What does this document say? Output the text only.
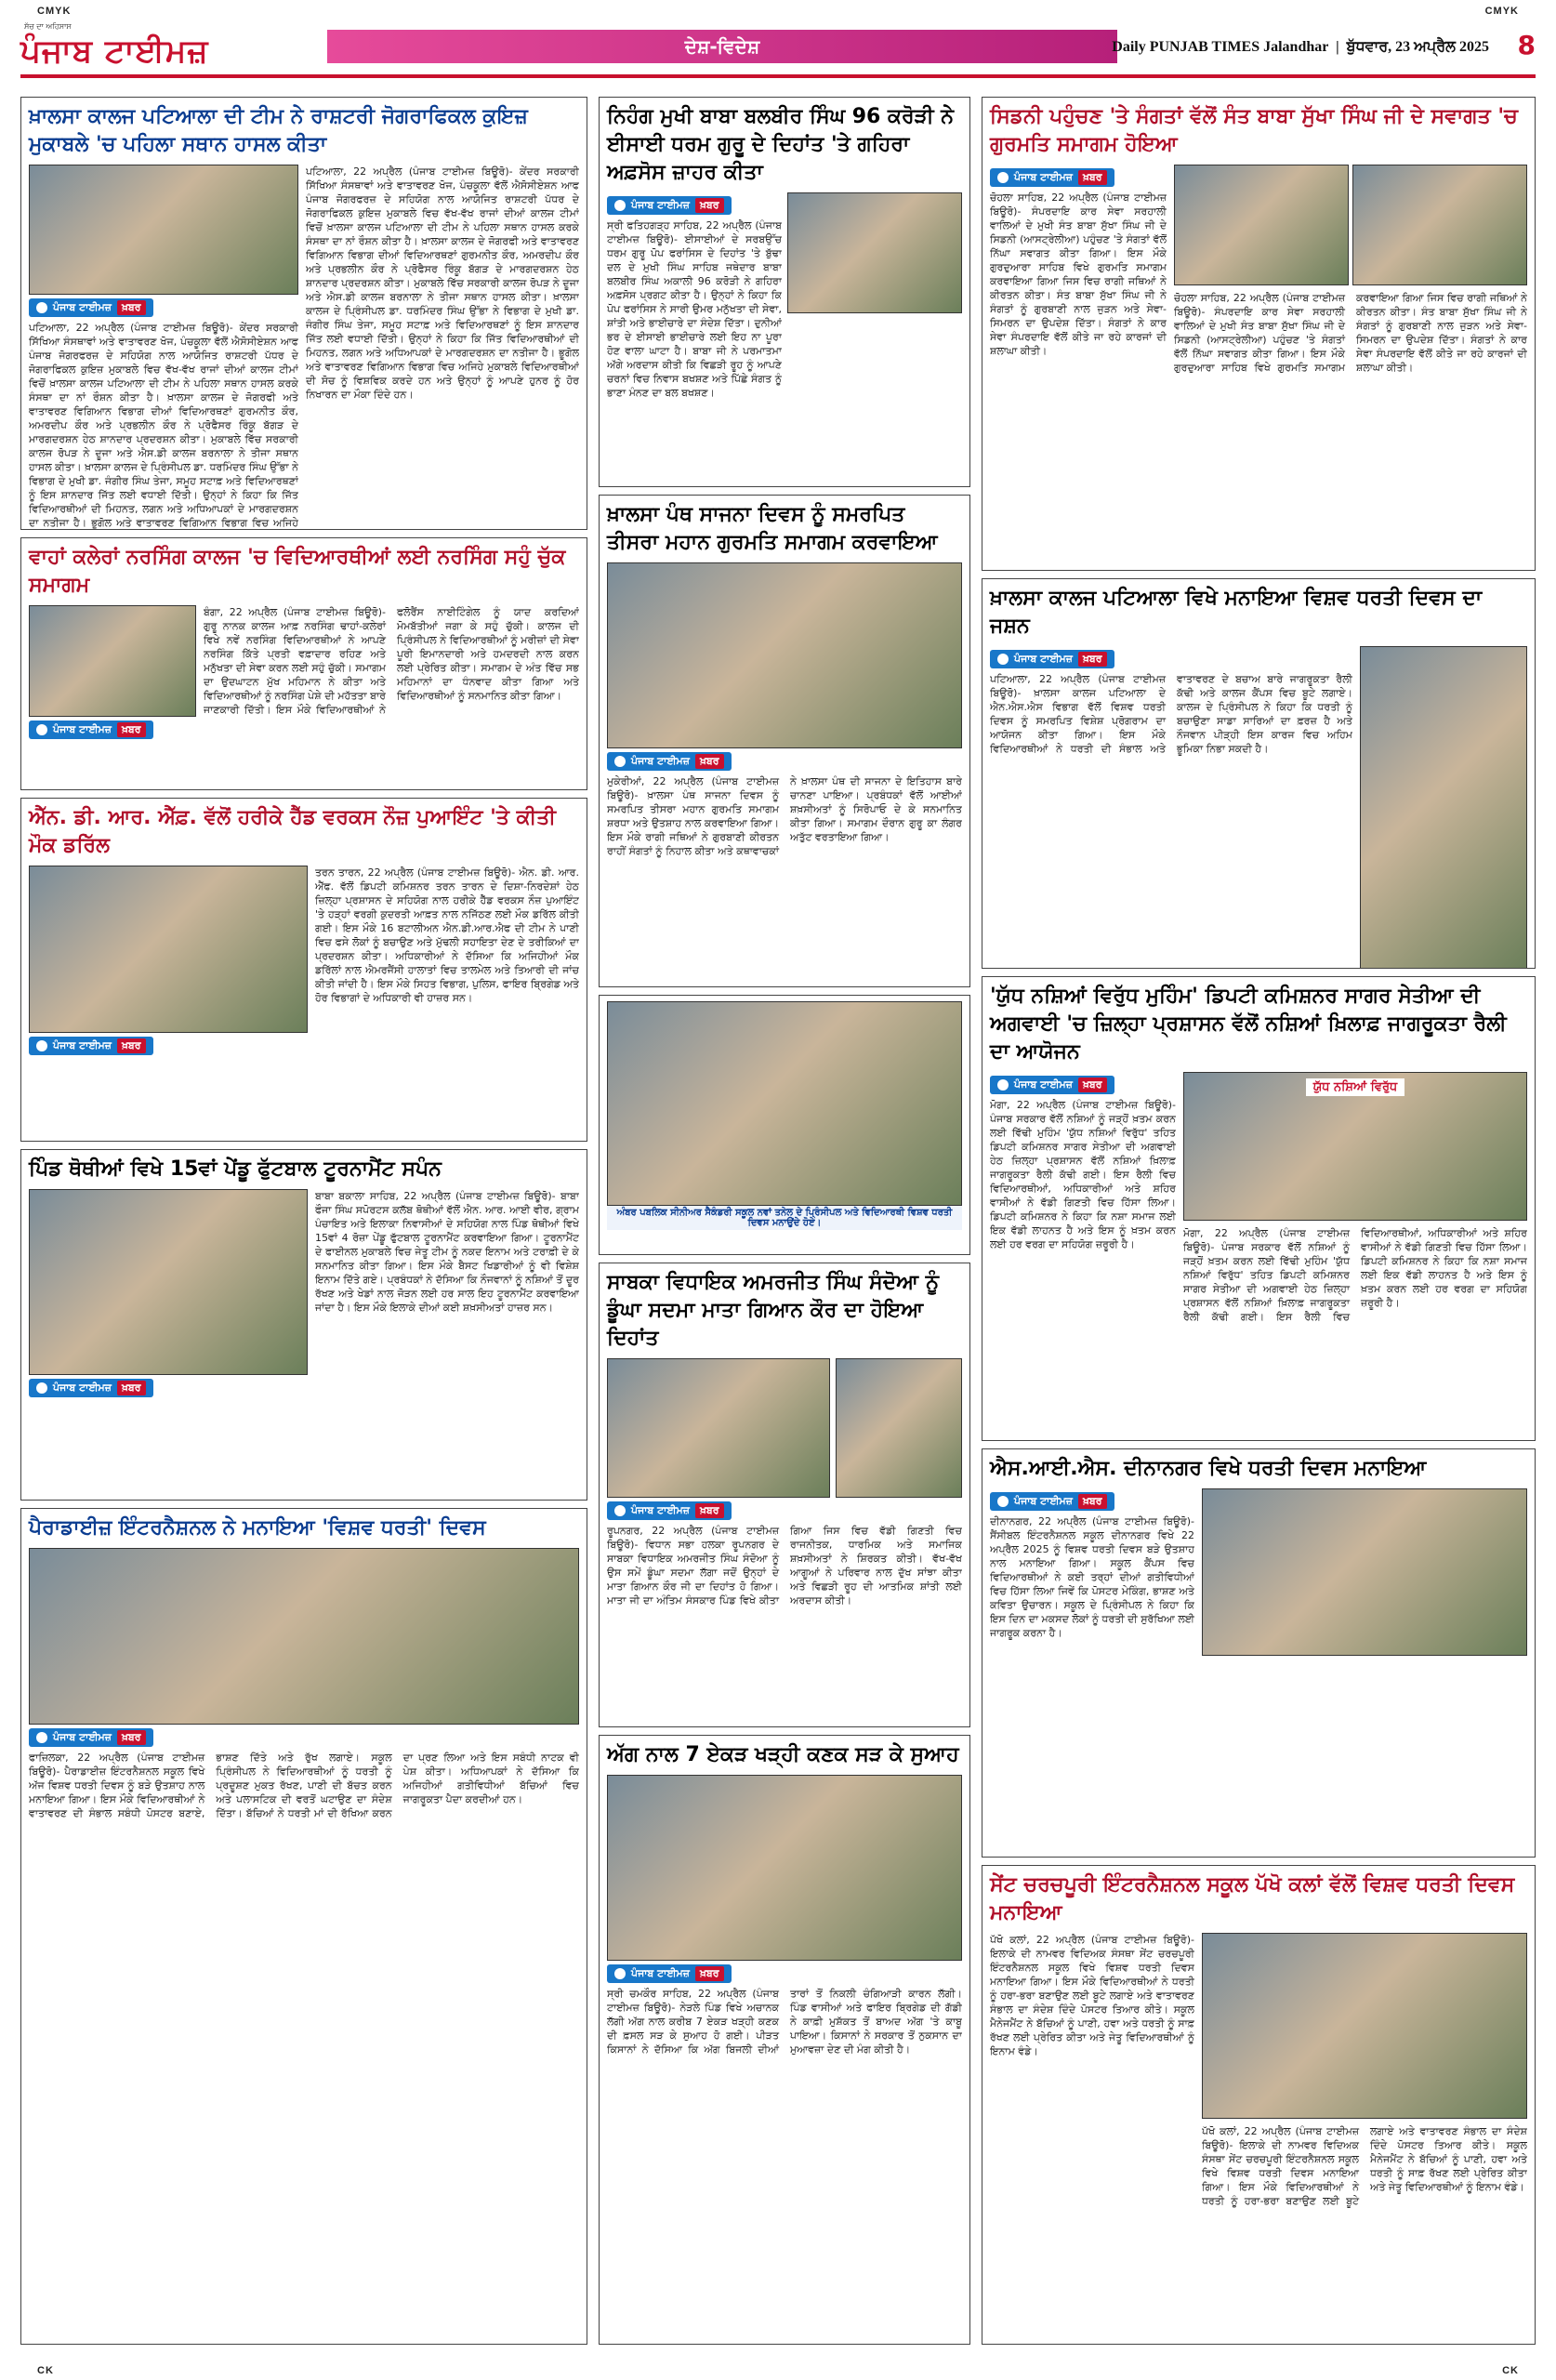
CMYK	CMYK
CK	CK
ਸੱਚ ਦਾ ਅਹਿਸਾਸ
ਪੰਜਾਬ ਟਾਈਮਜ਼	ਦੇਸ਼-ਵਿਦੇਸ਼	Daily PUNJAB TIMES Jalandhar  |  ਬੁੱਧਵਾਰ, 23 ਅਪ੍ਰੈਲ 2025 8
ਖ਼ਾਲਸਾ ਕਾਲਜ ਪਟਿਆਲਾ ਦੀ ਟੀਮ ਨੇ ਰਾਸ਼ਟਰੀ ਜੋਗਰਾਫਿਕਲ ਕੁਇਜ਼ ਮੁਕਾਬਲੇ 'ਚ ਪਹਿਲਾ ਸਥਾਨ ਹਾਸਲ ਕੀਤਾ
ਪੰਜਾਬ ਟਾਈਮਜ਼	ਖ਼ਬਰ
ਪਟਿਆਲਾ, 22 ਅਪ੍ਰੈਲ (ਪੰਜਾਬ ਟਾਈਮਜ਼ ਬਿਊਰੋ)- ਕੇਂਦਰ ਸਰਕਾਰੀ ਸਿੱਖਿਆ ਸੰਸਥਾਵਾਂ ਅਤੇ ਵਾਤਾਵਰਣ ਖੋਜ, ਪੰਚਕੂਲਾ ਵੱਲੋਂ ਐਸੋਸੀਏਸ਼ਨ ਆਫ ਪੰਜਾਬ ਜੋਗਰਫਰਜ਼ ਦੇ ਸਹਿਯੋਗ ਨਾਲ ਆਯੋਜਿਤ ਰਾਸ਼ਟਰੀ ਪੱਧਰ ਦੇ ਜੋਗਰਾਫਿਕਲ ਕੁਇਜ਼ ਮੁਕਾਬਲੇ ਵਿਚ ਵੱਖ-ਵੱਖ ਰਾਜਾਂ ਦੀਆਂ ਕਾਲਜ ਟੀਮਾਂ ਵਿਚੋਂ ਖ਼ਾਲਸਾ ਕਾਲਜ ਪਟਿਆਲਾ ਦੀ ਟੀਮ ਨੇ ਪਹਿਲਾ ਸਥਾਨ ਹਾਸਲ ਕਰਕੇ ਸੰਸਥਾ ਦਾ ਨਾਂ ਰੌਸ਼ਨ ਕੀਤਾ ਹੈ। ਖ਼ਾਲਸਾ ਕਾਲਜ ਦੇ ਜੋਗਰਫੀ ਅਤੇ ਵਾਤਾਵਰਣ ਵਿਗਿਆਨ ਵਿਭਾਗ ਦੀਆਂ ਵਿਦਿਆਰਥਣਾਂ ਗੁਰਮਨੀਤ ਕੌਰ, ਅਮਰਦੀਪ ਕੌਰ ਅਤੇ ਪ੍ਰਭਲੀਨ ਕੌਰ ਨੇ ਪ੍ਰੋਫੈਸਰ ਰਿੰਕੂ ਬੱਗੜ ਦੇ ਮਾਰਗਦਰਸ਼ਨ ਹੇਠ ਸ਼ਾਨਦਾਰ ਪ੍ਰਦਰਸ਼ਨ ਕੀਤਾ। ਮੁਕਾਬਲੇ ਵਿੱਚ ਸਰਕਾਰੀ ਕਾਲਜ ਰੋਪੜ ਨੇ ਦੂਜਾ ਅਤੇ ਐਸ.ਡੀ ਕਾਲਜ ਬਰਨਾਲਾ ਨੇ ਤੀਜਾ ਸਥਾਨ ਹਾਸਲ ਕੀਤਾ। ਖ਼ਾਲਸਾ ਕਾਲਜ ਦੇ ਪ੍ਰਿੰਸੀਪਲ ਡਾ. ਧਰਮਿੰਦਰ ਸਿੰਘ ਉੱਭਾ ਨੇ ਵਿਭਾਗ ਦੇ ਮੁਖੀ ਡਾ. ਜੰਗੀਰ ਸਿੰਘ ਤੇਜਾ, ਸਮੂਹ ਸਟਾਫ਼ ਅਤੇ ਵਿਦਿਆਰਥਣਾਂ ਨੂੰ ਇਸ ਸ਼ਾਨਦਾਰ ਜਿੱਤ ਲਈ ਵਧਾਈ ਦਿੱਤੀ। ਉਨ੍ਹਾਂ ਨੇ ਕਿਹਾ ਕਿ ਜਿੱਤ ਵਿਦਿਆਰਥੀਆਂ ਦੀ ਮਿਹਨਤ, ਲਗਨ ਅਤੇ ਅਧਿਆਪਕਾਂ ਦੇ ਮਾਰਗਦਰਸ਼ਨ ਦਾ ਨਤੀਜਾ ਹੈ। ਭੂਗੋਲ ਅਤੇ ਵਾਤਾਵਰਣ ਵਿਗਿਆਨ ਵਿਭਾਗ ਵਿਚ ਅਜਿਹੇ
ਪਟਿਆਲਾ, 22 ਅਪ੍ਰੈਲ (ਪੰਜਾਬ ਟਾਈਮਜ਼ ਬਿਊਰੋ)- ਕੇਂਦਰ ਸਰਕਾਰੀ ਸਿੱਖਿਆ ਸੰਸਥਾਵਾਂ ਅਤੇ ਵਾਤਾਵਰਣ ਖੋਜ, ਪੰਚਕੂਲਾ ਵੱਲੋਂ ਐਸੋਸੀਏਸ਼ਨ ਆਫ ਪੰਜਾਬ ਜੋਗਰਫਰਜ਼ ਦੇ ਸਹਿਯੋਗ ਨਾਲ ਆਯੋਜਿਤ ਰਾਸ਼ਟਰੀ ਪੱਧਰ ਦੇ ਜੋਗਰਾਫਿਕਲ ਕੁਇਜ਼ ਮੁਕਾਬਲੇ ਵਿਚ ਵੱਖ-ਵੱਖ ਰਾਜਾਂ ਦੀਆਂ ਕਾਲਜ ਟੀਮਾਂ ਵਿਚੋਂ ਖ਼ਾਲਸਾ ਕਾਲਜ ਪਟਿਆਲਾ ਦੀ ਟੀਮ ਨੇ ਪਹਿਲਾ ਸਥਾਨ ਹਾਸਲ ਕਰਕੇ ਸੰਸਥਾ ਦਾ ਨਾਂ ਰੌਸ਼ਨ ਕੀਤਾ ਹੈ। ਖ਼ਾਲਸਾ ਕਾਲਜ ਦੇ ਜੋਗਰਫੀ ਅਤੇ ਵਾਤਾਵਰਣ ਵਿਗਿਆਨ ਵਿਭਾਗ ਦੀਆਂ ਵਿਦਿਆਰਥਣਾਂ ਗੁਰਮਨੀਤ ਕੌਰ, ਅਮਰਦੀਪ ਕੌਰ ਅਤੇ ਪ੍ਰਭਲੀਨ ਕੌਰ ਨੇ ਪ੍ਰੋਫੈਸਰ ਰਿੰਕੂ ਬੱਗੜ ਦੇ ਮਾਰਗਦਰਸ਼ਨ ਹੇਠ ਸ਼ਾਨਦਾਰ ਪ੍ਰਦਰਸ਼ਨ ਕੀਤਾ। ਮੁਕਾਬਲੇ ਵਿੱਚ ਸਰਕਾਰੀ ਕਾਲਜ ਰੋਪੜ ਨੇ ਦੂਜਾ ਅਤੇ ਐਸ.ਡੀ ਕਾਲਜ ਬਰਨਾਲਾ ਨੇ ਤੀਜਾ ਸਥਾਨ ਹਾਸਲ ਕੀਤਾ। ਖ਼ਾਲਸਾ ਕਾਲਜ ਦੇ ਪ੍ਰਿੰਸੀਪਲ ਡਾ. ਧਰਮਿੰਦਰ ਸਿੰਘ ਉੱਭਾ ਨੇ ਵਿਭਾਗ ਦੇ ਮੁਖੀ ਡਾ. ਜੰਗੀਰ ਸਿੰਘ ਤੇਜਾ, ਸਮੂਹ ਸਟਾਫ਼ ਅਤੇ ਵਿਦਿਆਰਥਣਾਂ ਨੂੰ ਇਸ ਸ਼ਾਨਦਾਰ ਜਿੱਤ ਲਈ ਵਧਾਈ ਦਿੱਤੀ। ਉਨ੍ਹਾਂ ਨੇ ਕਿਹਾ ਕਿ ਜਿੱਤ ਵਿਦਿਆਰਥੀਆਂ ਦੀ ਮਿਹਨਤ, ਲਗਨ ਅਤੇ ਅਧਿਆਪਕਾਂ ਦੇ ਮਾਰਗਦਰਸ਼ਨ ਦਾ ਨਤੀਜਾ ਹੈ। ਭੂਗੋਲ ਅਤੇ ਵਾਤਾਵਰਣ ਵਿਗਿਆਨ ਵਿਭਾਗ ਵਿਚ ਅਜਿਹੇ ਮੁਕਾਬਲੇ ਵਿਦਿਆਰਥੀਆਂ ਦੀ ਸੋਚ ਨੂੰ ਵਿਸ਼ਵਿਕ ਕਰਦੇ ਹਨ ਅਤੇ ਉਨ੍ਹਾਂ ਨੂੰ ਆਪਣੇ ਹੁਨਰ ਨੂੰ ਹੋਰ ਨਿਖਾਰਨ ਦਾ ਮੌਕਾ ਦਿੰਦੇ ਹਨ।
ਵਾਹਾਂ ਕਲੇਰਾਂ ਨਰਸਿੰਗ ਕਾਲਜ 'ਚ ਵਿਦਿਆਰਥੀਆਂ ਲਈ ਨਰਸਿੰਗ ਸਹੁੰ ਚੁੱਕ ਸਮਾਗਮ
ਪੰਜਾਬ ਟਾਈਮਜ਼	ਖ਼ਬਰ
ਬੰਗਾ, 22 ਅਪ੍ਰੈਲ (ਪੰਜਾਬ ਟਾਈਮਜ਼ ਬਿਊਰੋ)- ਗੁਰੂ ਨਾਨਕ ਕਾਲਜ ਆਫ਼ ਨਰਸਿੰਗ ਢਾਹਾਂ-ਕਲੇਰਾਂ ਵਿਖੇ ਨਵੇਂ ਨਰਸਿੰਗ ਵਿਦਿਆਰਥੀਆਂ ਨੇ ਆਪਣੇ ਨਰਸਿੰਗ ਕਿੱਤੇ ਪ੍ਰਤੀ ਵਫ਼ਾਦਾਰ ਰਹਿਣ ਅਤੇ ਮਨੁੱਖਤਾ ਦੀ ਸੇਵਾ ਕਰਨ ਲਈ ਸਹੁੰ ਚੁੱਕੀ। ਸਮਾਗਮ ਦਾ ਉਦਘਾਟਨ ਮੁੱਖ ਮਹਿਮਾਨ ਨੇ ਕੀਤਾ ਅਤੇ ਵਿਦਿਆਰਥੀਆਂ ਨੂੰ ਨਰਸਿੰਗ ਪੇਸ਼ੇ ਦੀ ਮਹੱਤਤਾ ਬਾਰੇ ਜਾਣਕਾਰੀ ਦਿੱਤੀ। ਇਸ ਮੌਕੇ ਵਿਦਿਆਰਥੀਆਂ ਨੇ ਫਲੋਰੈਂਸ ਨਾਈਟਿੰਗੇਲ ਨੂੰ ਯਾਦ ਕਰਦਿਆਂ ਮੋਮਬੱਤੀਆਂ ਜਗਾ ਕੇ ਸਹੁੰ ਚੁੱਕੀ। ਕਾਲਜ ਦੀ ਪ੍ਰਿੰਸੀਪਲ ਨੇ ਵਿਦਿਆਰਥੀਆਂ ਨੂੰ ਮਰੀਜ਼ਾਂ ਦੀ ਸੇਵਾ ਪੂਰੀ ਇਮਾਨਦਾਰੀ ਅਤੇ ਹਮਦਰਦੀ ਨਾਲ ਕਰਨ ਲਈ ਪ੍ਰੇਰਿਤ ਕੀਤਾ। ਸਮਾਗਮ ਦੇ ਅੰਤ ਵਿੱਚ ਸਭ ਮਹਿਮਾਨਾਂ ਦਾ ਧੰਨਵਾਦ ਕੀਤਾ ਗਿਆ ਅਤੇ ਵਿਦਿਆਰਥੀਆਂ ਨੂੰ ਸਨਮਾਨਿਤ ਕੀਤਾ ਗਿਆ।
ਐੱਨ. ਡੀ. ਆਰ. ਐੱਫ਼. ਵੱਲੋਂ ਹਰੀਕੇ ਹੈੱਡ ਵਰਕਸ ਨੌਜ਼ ਪੁਆਇੰਟ 'ਤੇ ਕੀਤੀ ਮੌਕ ਡਰਿੱਲ
ਪੰਜਾਬ ਟਾਈਮਜ਼	ਖ਼ਬਰ
ਤਰਨ ਤਾਰਨ, 22 ਅਪ੍ਰੈਲ (ਪੰਜਾਬ ਟਾਈਮਜ਼ ਬਿਊਰੋ)- ਐਨ. ਡੀ. ਆਰ. ਐੱਫ. ਵੱਲੋਂ ਡਿਪਟੀ ਕਮਿਸ਼ਨਰ ਤਰਨ ਤਾਰਨ ਦੇ ਦਿਸ਼ਾ-ਨਿਰਦੇਸ਼ਾਂ ਹੇਠ ਜ਼ਿਲ੍ਹਾ ਪ੍ਰਸ਼ਾਸਨ ਦੇ ਸਹਿਯੋਗ ਨਾਲ ਹਰੀਕੇ ਹੈੱਡ ਵਰਕਸ ਨੌਜ਼ ਪੁਆਇੰਟ 'ਤੇ ਹੜ੍ਹਾਂ ਵਰਗੀ ਕੁਦਰਤੀ ਆਫ਼ਤ ਨਾਲ ਨਜਿੱਠਣ ਲਈ ਮੌਕ ਡਰਿੱਲ ਕੀਤੀ ਗਈ। ਇਸ ਮੌਕੇ 16 ਬਟਾਲੀਅਨ ਐਨ.ਡੀ.ਆਰ.ਐਫ ਦੀ ਟੀਮ ਨੇ ਪਾਣੀ ਵਿਚ ਫਸੇ ਲੋਕਾਂ ਨੂੰ ਬਚਾਉਣ ਅਤੇ ਮੁੱਢਲੀ ਸਹਾਇਤਾ ਦੇਣ ਦੇ ਤਰੀਕਿਆਂ ਦਾ ਪ੍ਰਦਰਸ਼ਨ ਕੀਤਾ। ਅਧਿਕਾਰੀਆਂ ਨੇ ਦੱਸਿਆ ਕਿ ਅਜਿਹੀਆਂ ਮੌਕ ਡਰਿੱਲਾਂ ਨਾਲ ਐਮਰਜੈਂਸੀ ਹਾਲਾਤਾਂ ਵਿਚ ਤਾਲਮੇਲ ਅਤੇ ਤਿਆਰੀ ਦੀ ਜਾਂਚ ਕੀਤੀ ਜਾਂਦੀ ਹੈ। ਇਸ ਮੌਕੇ ਸਿਹਤ ਵਿਭਾਗ, ਪੁਲਿਸ, ਫਾਇਰ ਬ੍ਰਿਗੇਡ ਅਤੇ ਹੋਰ ਵਿਭਾਗਾਂ ਦੇ ਅਧਿਕਾਰੀ ਵੀ ਹਾਜ਼ਰ ਸਨ।
ਪਿੰਡ ਥੋਥੀਆਂ ਵਿਖੇ 15ਵਾਂ ਪੇਂਡੂ ਫੁੱਟਬਾਲ ਟੂਰਨਾਮੈਂਟ ਸਪੰਨ
ਪੰਜਾਬ ਟਾਈਮਜ਼	ਖ਼ਬਰ
ਬਾਬਾ ਬਕਾਲਾ ਸਾਹਿਬ, 22 ਅਪ੍ਰੈਲ (ਪੰਜਾਬ ਟਾਈਮਜ਼ ਬਿਊਰੋ)- ਬਾਬਾ ਫੌਜਾ ਸਿੰਘ ਸਪੋਰਟਸ ਕਲੱਬ ਥੋਥੀਆਂ ਵੱਲੋਂ ਐਨ. ਆਰ. ਆਈ ਵੀਰ, ਗ੍ਰਾਮ ਪੰਚਾਇਤ ਅਤੇ ਇਲਾਕਾ ਨਿਵਾਸੀਆਂ ਦੇ ਸਹਿਯੋਗ ਨਾਲ ਪਿੰਡ ਥੋਥੀਆਂ ਵਿਖੇ 15ਵਾਂ 4 ਰੋਜ਼ਾ ਪੇਂਡੂ ਫੁੱਟਬਾਲ ਟੂਰਨਾਮੈਂਟ ਕਰਵਾਇਆ ਗਿਆ। ਟੂਰਨਾਮੈਂਟ ਦੇ ਫਾਈਨਲ ਮੁਕਾਬਲੇ ਵਿਚ ਜੇਤੂ ਟੀਮ ਨੂੰ ਨਕਦ ਇਨਾਮ ਅਤੇ ਟਰਾਫ਼ੀ ਦੇ ਕੇ ਸਨਮਾਨਿਤ ਕੀਤਾ ਗਿਆ। ਇਸ ਮੌਕੇ ਬੈਸਟ ਖਿਡਾਰੀਆਂ ਨੂੰ ਵੀ ਵਿਸ਼ੇਸ਼ ਇਨਾਮ ਦਿੱਤੇ ਗਏ। ਪ੍ਰਬੰਧਕਾਂ ਨੇ ਦੱਸਿਆ ਕਿ ਨੌਜਵਾਨਾਂ ਨੂੰ ਨਸ਼ਿਆਂ ਤੋਂ ਦੂਰ ਰੱਖਣ ਅਤੇ ਖੇਡਾਂ ਨਾਲ ਜੋੜਨ ਲਈ ਹਰ ਸਾਲ ਇਹ ਟੂਰਨਾਮੈਂਟ ਕਰਵਾਇਆ ਜਾਂਦਾ ਹੈ। ਇਸ ਮੌਕੇ ਇਲਾਕੇ ਦੀਆਂ ਕਈ ਸ਼ਖ਼ਸੀਅਤਾਂ ਹਾਜ਼ਰ ਸਨ।
ਪੈਰਾਡਾਈਜ਼ ਇੰਟਰਨੈਸ਼ਨਲ ਨੇ ਮਨਾਇਆ 'ਵਿਸ਼ਵ ਧਰਤੀ' ਦਿਵਸ
ਪੰਜਾਬ ਟਾਈਮਜ਼	ਖ਼ਬਰ
ਫਾਜ਼ਿਲਕਾ, 22 ਅਪ੍ਰੈਲ (ਪੰਜਾਬ ਟਾਈਮਜ਼ ਬਿਊਰੋ)- ਪੈਰਾਡਾਈਜ਼ ਇੰਟਰਨੈਸ਼ਨਲ ਸਕੂਲ ਵਿਖੇ ਅੱਜ ਵਿਸ਼ਵ ਧਰਤੀ ਦਿਵਸ ਨੂੰ ਬੜੇ ਉਤਸ਼ਾਹ ਨਾਲ ਮਨਾਇਆ ਗਿਆ। ਇਸ ਮੌਕੇ ਵਿਦਿਆਰਥੀਆਂ ਨੇ ਵਾਤਾਵਰਣ ਦੀ ਸੰਭਾਲ ਸਬੰਧੀ ਪੋਸਟਰ ਬਣਾਏ, ਭਾਸ਼ਣ ਦਿੱਤੇ ਅਤੇ ਰੁੱਖ ਲਗਾਏ। ਸਕੂਲ ਪ੍ਰਿੰਸੀਪਲ ਨੇ ਵਿਦਿਆਰਥੀਆਂ ਨੂੰ ਧਰਤੀ ਨੂੰ ਪ੍ਰਦੂਸ਼ਣ ਮੁਕਤ ਰੱਖਣ, ਪਾਣੀ ਦੀ ਬੱਚਤ ਕਰਨ ਅਤੇ ਪਲਾਸਟਿਕ ਦੀ ਵਰਤੋਂ ਘਟਾਉਣ ਦਾ ਸੰਦੇਸ਼ ਦਿੱਤਾ। ਬੱਚਿਆਂ ਨੇ ਧਰਤੀ ਮਾਂ ਦੀ ਰੱਖਿਆ ਕਰਨ ਦਾ ਪ੍ਰਣ ਲਿਆ ਅਤੇ ਇਸ ਸਬੰਧੀ ਨਾਟਕ ਵੀ ਪੇਸ਼ ਕੀਤਾ। ਅਧਿਆਪਕਾਂ ਨੇ ਦੱਸਿਆ ਕਿ ਅਜਿਹੀਆਂ ਗਤੀਵਿਧੀਆਂ ਬੱਚਿਆਂ ਵਿਚ ਜਾਗਰੂਕਤਾ ਪੈਦਾ ਕਰਦੀਆਂ ਹਨ।
ਨਿਹੰਗ ਮੁਖੀ ਬਾਬਾ ਬਲਬੀਰ ਸਿੰਘ 96 ਕਰੋੜੀ ਨੇ ਈਸਾਈ ਧਰਮ ਗੁਰੂ ਦੇ ਦਿਹਾਂਤ 'ਤੇ ਗਹਿਰਾ ਅਫ਼ਸੋਸ ਜ਼ਾਹਰ ਕੀਤਾ
ਪੰਜਾਬ ਟਾਈਮਜ਼	ਖ਼ਬਰ
ਸ੍ਰੀ ਫਤਿਹਗੜ੍ਹ ਸਾਹਿਬ, 22 ਅਪ੍ਰੈਲ (ਪੰਜਾਬ ਟਾਈਮਜ਼ ਬਿਊਰੋ)- ਈਸਾਈਆਂ ਦੇ ਸਰਬਉੱਚ ਧਰਮ ਗੁਰੂ ਪੋਪ ਫਰਾਂਸਿਸ ਦੇ ਦਿਹਾਂਤ 'ਤੇ ਬੁੱਢਾ ਦਲ ਦੇ ਮੁਖੀ ਸਿੰਘ ਸਾਹਿਬ ਜਥੇਦਾਰ ਬਾਬਾ ਬਲਬੀਰ ਸਿੰਘ ਅਕਾਲੀ 96 ਕਰੋੜੀ ਨੇ ਗਹਿਰਾ ਅਫ਼ਸੋਸ ਪ੍ਰਗਟ ਕੀਤਾ ਹੈ। ਉਨ੍ਹਾਂ ਨੇ ਕਿਹਾ ਕਿ ਪੋਪ ਫਰਾਂਸਿਸ ਨੇ ਸਾਰੀ ਉਮਰ ਮਨੁੱਖਤਾ ਦੀ ਸੇਵਾ, ਸ਼ਾਂਤੀ ਅਤੇ ਭਾਈਚਾਰੇ ਦਾ ਸੰਦੇਸ਼ ਦਿੱਤਾ। ਦੁਨੀਆਂ ਭਰ ਦੇ ਈਸਾਈ ਭਾਈਚਾਰੇ ਲਈ ਇਹ ਨਾ ਪੂਰਾ ਹੋਣ ਵਾਲਾ ਘਾਟਾ ਹੈ। ਬਾਬਾ ਜੀ ਨੇ ਪਰਮਾਤਮਾ ਅੱਗੇ ਅਰਦਾਸ ਕੀਤੀ ਕਿ ਵਿਛੜੀ ਰੂਹ ਨੂੰ ਆਪਣੇ ਚਰਨਾਂ ਵਿਚ ਨਿਵਾਸ ਬਖਸ਼ਣ ਅਤੇ ਪਿੱਛੇ ਸੰਗਤ ਨੂੰ ਭਾਣਾ ਮੰਨਣ ਦਾ ਬਲ ਬਖਸ਼ਣ।
ਖ਼ਾਲਸਾ ਪੰਥ ਸਾਜਨਾ ਦਿਵਸ ਨੂੰ ਸਮਰਪਿਤ ਤੀਸਰਾ ਮਹਾਨ ਗੁਰਮਤਿ ਸਮਾਗਮ ਕਰਵਾਇਆ
ਪੰਜਾਬ ਟਾਈਮਜ਼	ਖ਼ਬਰ
ਮੁਕੇਰੀਆਂ, 22 ਅਪ੍ਰੈਲ (ਪੰਜਾਬ ਟਾਈਮਜ਼ ਬਿਊਰੋ)- ਖ਼ਾਲਸਾ ਪੰਥ ਸਾਜਨਾ ਦਿਵਸ ਨੂੰ ਸਮਰਪਿਤ ਤੀਸਰਾ ਮਹਾਨ ਗੁਰਮਤਿ ਸਮਾਗਮ ਸ਼ਰਧਾ ਅਤੇ ਉਤਸ਼ਾਹ ਨਾਲ ਕਰਵਾਇਆ ਗਿਆ। ਇਸ ਮੌਕੇ ਰਾਗੀ ਜਥਿਆਂ ਨੇ ਗੁਰਬਾਣੀ ਕੀਰਤਨ ਰਾਹੀਂ ਸੰਗਤਾਂ ਨੂੰ ਨਿਹਾਲ ਕੀਤਾ ਅਤੇ ਕਥਾਵਾਚਕਾਂ ਨੇ ਖ਼ਾਲਸਾ ਪੰਥ ਦੀ ਸਾਜਨਾ ਦੇ ਇਤਿਹਾਸ ਬਾਰੇ ਚਾਨਣਾ ਪਾਇਆ। ਪ੍ਰਬੰਧਕਾਂ ਵੱਲੋਂ ਆਈਆਂ ਸ਼ਖ਼ਸੀਅਤਾਂ ਨੂੰ ਸਿਰੋਪਾਓ ਦੇ ਕੇ ਸਨਮਾਨਿਤ ਕੀਤਾ ਗਿਆ। ਸਮਾਗਮ ਦੌਰਾਨ ਗੁਰੂ ਕਾ ਲੰਗਰ ਅਤੁੱਟ ਵਰਤਾਇਆ ਗਿਆ।
ਅੰਬਰ ਪਬਲਿਕ ਸੀਨੀਅਰ ਸੈਕੰਡਰੀ ਸਕੂਲ ਨਵਾਂ ਤਨੇਲ ਦੇ ਪ੍ਰਿੰਸੀਪਲ ਅਤੇ ਵਿਦਿਆਰਥੀ ਵਿਸ਼ਵ ਧਰਤੀ ਦਿਵਸ ਮਨਾਉਂਦੇ ਹੋਏ।
ਸਾਬਕਾ ਵਿਧਾਇਕ ਅਮਰਜੀਤ ਸਿੰਘ ਸੰਦੋਆ ਨੂੰ ਡੂੰਘਾ ਸਦਮਾ ਮਾਤਾ ਗਿਆਨ ਕੌਰ ਦਾ ਹੋਇਆ ਦਿਹਾਂਤ
ਪੰਜਾਬ ਟਾਈਮਜ਼	ਖ਼ਬਰ
ਰੂਪਨਗਰ, 22 ਅਪ੍ਰੈਲ (ਪੰਜਾਬ ਟਾਈਮਜ਼ ਬਿਊਰੋ)- ਵਿਧਾਨ ਸਭਾ ਹਲਕਾ ਰੂਪਨਗਰ ਦੇ ਸਾਬਕਾ ਵਿਧਾਇਕ ਅਮਰਜੀਤ ਸਿੰਘ ਸੰਦੋਆ ਨੂੰ ਉਸ ਸਮੇਂ ਡੂੰਘਾ ਸਦਮਾ ਲੱਗਾ ਜਦੋਂ ਉਨ੍ਹਾਂ ਦੇ ਮਾਤਾ ਗਿਆਨ ਕੌਰ ਜੀ ਦਾ ਦਿਹਾਂਤ ਹੋ ਗਿਆ। ਮਾਤਾ ਜੀ ਦਾ ਅੰਤਿਮ ਸੰਸਕਾਰ ਪਿੰਡ ਵਿਖੇ ਕੀਤਾ ਗਿਆ ਜਿਸ ਵਿਚ ਵੱਡੀ ਗਿਣਤੀ ਵਿਚ ਰਾਜਨੀਤਕ, ਧਾਰਮਿਕ ਅਤੇ ਸਮਾਜਿਕ ਸ਼ਖ਼ਸੀਅਤਾਂ ਨੇ ਸ਼ਿਰਕਤ ਕੀਤੀ। ਵੱਖ-ਵੱਖ ਆਗੂਆਂ ਨੇ ਪਰਿਵਾਰ ਨਾਲ ਦੁੱਖ ਸਾਂਝਾ ਕੀਤਾ ਅਤੇ ਵਿਛੜੀ ਰੂਹ ਦੀ ਆਤਮਿਕ ਸ਼ਾਂਤੀ ਲਈ ਅਰਦਾਸ ਕੀਤੀ।
ਅੱਗ ਨਾਲ 7 ਏਕੜ ਖੜ੍ਹੀ ਕਣਕ ਸੜ ਕੇ ਸੁਆਹ
ਪੰਜਾਬ ਟਾਈਮਜ਼	ਖ਼ਬਰ
ਸ੍ਰੀ ਚਮਕੌਰ ਸਾਹਿਬ, 22 ਅਪ੍ਰੈਲ (ਪੰਜਾਬ ਟਾਈਮਜ਼ ਬਿਊਰੋ)- ਨੇੜਲੇ ਪਿੰਡ ਵਿਖੇ ਅਚਾਨਕ ਲੱਗੀ ਅੱਗ ਨਾਲ ਕਰੀਬ 7 ਏਕੜ ਖੜ੍ਹੀ ਕਣਕ ਦੀ ਫ਼ਸਲ ਸੜ ਕੇ ਸੁਆਹ ਹੋ ਗਈ। ਪੀੜਤ ਕਿਸਾਨਾਂ ਨੇ ਦੱਸਿਆ ਕਿ ਅੱਗ ਬਿਜਲੀ ਦੀਆਂ ਤਾਰਾਂ ਤੋਂ ਨਿਕਲੀ ਚੰਗਿਆੜੀ ਕਾਰਨ ਲੱਗੀ। ਪਿੰਡ ਵਾਸੀਆਂ ਅਤੇ ਫਾਇਰ ਬ੍ਰਿਗੇਡ ਦੀ ਗੱਡੀ ਨੇ ਕਾਫ਼ੀ ਮੁਸ਼ੱਕਤ ਤੋਂ ਬਾਅਦ ਅੱਗ 'ਤੇ ਕਾਬੂ ਪਾਇਆ। ਕਿਸਾਨਾਂ ਨੇ ਸਰਕਾਰ ਤੋਂ ਨੁਕਸਾਨ ਦਾ ਮੁਆਵਜ਼ਾ ਦੇਣ ਦੀ ਮੰਗ ਕੀਤੀ ਹੈ।
ਸਿਡਨੀ ਪਹੁੰਚਣ 'ਤੇ ਸੰਗਤਾਂ ਵੱਲੋਂ ਸੰਤ ਬਾਬਾ ਸੁੱਖਾ ਸਿੰਘ ਜੀ ਦੇ ਸਵਾਗਤ 'ਚ ਗੁਰਮਤਿ ਸਮਾਗਮ ਹੋਇਆ
ਪੰਜਾਬ ਟਾਈਮਜ਼	ਖ਼ਬਰ
ਚੋਹਲਾ ਸਾਹਿਬ, 22 ਅਪ੍ਰੈਲ (ਪੰਜਾਬ ਟਾਈਮਜ਼ ਬਿਊਰੋ)- ਸੰਪਰਦਾਇ ਕਾਰ ਸੇਵਾ ਸਰਹਾਲੀ ਵਾਲਿਆਂ ਦੇ ਮੁਖੀ ਸੰਤ ਬਾਬਾ ਸੁੱਖਾ ਸਿੰਘ ਜੀ ਦੇ ਸਿਡਨੀ (ਆਸਟ੍ਰੇਲੀਆ) ਪਹੁੰਚਣ 'ਤੇ ਸੰਗਤਾਂ ਵੱਲੋਂ ਨਿੱਘਾ ਸਵਾਗਤ ਕੀਤਾ ਗਿਆ। ਇਸ ਮੌਕੇ ਗੁਰਦੁਆਰਾ ਸਾਹਿਬ ਵਿਖੇ ਗੁਰਮਤਿ ਸਮਾਗਮ ਕਰਵਾਇਆ ਗਿਆ ਜਿਸ ਵਿਚ ਰਾਗੀ ਜਥਿਆਂ ਨੇ ਕੀਰਤਨ ਕੀਤਾ। ਸੰਤ ਬਾਬਾ ਸੁੱਖਾ ਸਿੰਘ ਜੀ ਨੇ ਸੰਗਤਾਂ ਨੂੰ ਗੁਰਬਾਣੀ ਨਾਲ ਜੁੜਨ ਅਤੇ ਸੇਵਾ-ਸਿਮਰਨ ਦਾ ਉਪਦੇਸ਼ ਦਿੱਤਾ। ਸੰਗਤਾਂ ਨੇ ਕਾਰ ਸੇਵਾ ਸੰਪਰਦਾਇ ਵੱਲੋਂ ਕੀਤੇ ਜਾ ਰਹੇ ਕਾਰਜਾਂ ਦੀ ਸ਼ਲਾਘਾ ਕੀਤੀ।
ਚੋਹਲਾ ਸਾਹਿਬ, 22 ਅਪ੍ਰੈਲ (ਪੰਜਾਬ ਟਾਈਮਜ਼ ਬਿਊਰੋ)- ਸੰਪਰਦਾਇ ਕਾਰ ਸੇਵਾ ਸਰਹਾਲੀ ਵਾਲਿਆਂ ਦੇ ਮੁਖੀ ਸੰਤ ਬਾਬਾ ਸੁੱਖਾ ਸਿੰਘ ਜੀ ਦੇ ਸਿਡਨੀ (ਆਸਟ੍ਰੇਲੀਆ) ਪਹੁੰਚਣ 'ਤੇ ਸੰਗਤਾਂ ਵੱਲੋਂ ਨਿੱਘਾ ਸਵਾਗਤ ਕੀਤਾ ਗਿਆ। ਇਸ ਮੌਕੇ ਗੁਰਦੁਆਰਾ ਸਾਹਿਬ ਵਿਖੇ ਗੁਰਮਤਿ ਸਮਾਗਮ ਕਰਵਾਇਆ ਗਿਆ ਜਿਸ ਵਿਚ ਰਾਗੀ ਜਥਿਆਂ ਨੇ ਕੀਰਤਨ ਕੀਤਾ। ਸੰਤ ਬਾਬਾ ਸੁੱਖਾ ਸਿੰਘ ਜੀ ਨੇ ਸੰਗਤਾਂ ਨੂੰ ਗੁਰਬਾਣੀ ਨਾਲ ਜੁੜਨ ਅਤੇ ਸੇਵਾ-ਸਿਮਰਨ ਦਾ ਉਪਦੇਸ਼ ਦਿੱਤਾ। ਸੰਗਤਾਂ ਨੇ ਕਾਰ ਸੇਵਾ ਸੰਪਰਦਾਇ ਵੱਲੋਂ ਕੀਤੇ ਜਾ ਰਹੇ ਕਾਰਜਾਂ ਦੀ ਸ਼ਲਾਘਾ ਕੀਤੀ।
ਖ਼ਾਲਸਾ ਕਾਲਜ ਪਟਿਆਲਾ ਵਿਖੇ ਮਨਾਇਆ ਵਿਸ਼ਵ ਧਰਤੀ ਦਿਵਸ ਦਾ ਜਸ਼ਨ
ਪੰਜਾਬ ਟਾਈਮਜ਼	ਖ਼ਬਰ
ਪਟਿਆਲਾ, 22 ਅਪ੍ਰੈਲ (ਪੰਜਾਬ ਟਾਈਮਜ਼ ਬਿਊਰੋ)- ਖ਼ਾਲਸਾ ਕਾਲਜ ਪਟਿਆਲਾ ਦੇ ਐਨ.ਐਸ.ਐਸ ਵਿਭਾਗ ਵੱਲੋਂ ਵਿਸ਼ਵ ਧਰਤੀ ਦਿਵਸ ਨੂੰ ਸਮਰਪਿਤ ਵਿਸ਼ੇਸ਼ ਪ੍ਰੋਗਰਾਮ ਦਾ ਆਯੋਜਨ ਕੀਤਾ ਗਿਆ। ਇਸ ਮੌਕੇ ਵਿਦਿਆਰਥੀਆਂ ਨੇ ਧਰਤੀ ਦੀ ਸੰਭਾਲ ਅਤੇ ਵਾਤਾਵਰਣ ਦੇ ਬਚਾਅ ਬਾਰੇ ਜਾਗਰੂਕਤਾ ਰੈਲੀ ਕੱਢੀ ਅਤੇ ਕਾਲਜ ਕੈਂਪਸ ਵਿਚ ਬੂਟੇ ਲਗਾਏ। ਕਾਲਜ ਦੇ ਪ੍ਰਿੰਸੀਪਲ ਨੇ ਕਿਹਾ ਕਿ ਧਰਤੀ ਨੂੰ ਬਚਾਉਣਾ ਸਾਡਾ ਸਾਰਿਆਂ ਦਾ ਫ਼ਰਜ਼ ਹੈ ਅਤੇ ਨੌਜਵਾਨ ਪੀੜ੍ਹੀ ਇਸ ਕਾਰਜ ਵਿਚ ਅਹਿਮ ਭੂਮਿਕਾ ਨਿਭਾ ਸਕਦੀ ਹੈ।
'ਯੁੱਧ ਨਸ਼ਿਆਂ ਵਿਰੁੱਧ ਮੁਹਿੰਮ' ਡਿਪਟੀ ਕਮਿਸ਼ਨਰ ਸਾਗਰ ਸੇਤੀਆ ਦੀ ਅਗਵਾਈ 'ਚ ਜ਼ਿਲ੍ਹਾ ਪ੍ਰਸ਼ਾਸਨ ਵੱਲੋਂ ਨਸ਼ਿਆਂ ਖ਼ਿਲਾਫ਼ ਜਾਗਰੂਕਤਾ ਰੈਲੀ ਦਾ ਆਯੋਜਨ
ਪੰਜਾਬ ਟਾਈਮਜ਼	ਖ਼ਬਰ
ਮੋਗਾ, 22 ਅਪ੍ਰੈਲ (ਪੰਜਾਬ ਟਾਈਮਜ਼ ਬਿਊਰੋ)- ਪੰਜਾਬ ਸਰਕਾਰ ਵੱਲੋਂ ਨਸ਼ਿਆਂ ਨੂੰ ਜੜ੍ਹੋਂ ਖ਼ਤਮ ਕਰਨ ਲਈ ਵਿੱਢੀ ਮੁਹਿੰਮ 'ਯੁੱਧ ਨਸ਼ਿਆਂ ਵਿਰੁੱਧ' ਤਹਿਤ ਡਿਪਟੀ ਕਮਿਸ਼ਨਰ ਸਾਗਰ ਸੇਤੀਆ ਦੀ ਅਗਵਾਈ ਹੇਠ ਜ਼ਿਲ੍ਹਾ ਪ੍ਰਸ਼ਾਸਨ ਵੱਲੋਂ ਨਸ਼ਿਆਂ ਖ਼ਿਲਾਫ਼ ਜਾਗਰੂਕਤਾ ਰੈਲੀ ਕੱਢੀ ਗਈ। ਇਸ ਰੈਲੀ ਵਿਚ ਵਿਦਿਆਰਥੀਆਂ, ਅਧਿਕਾਰੀਆਂ ਅਤੇ ਸ਼ਹਿਰ ਵਾਸੀਆਂ ਨੇ ਵੱਡੀ ਗਿਣਤੀ ਵਿਚ ਹਿੱਸਾ ਲਿਆ। ਡਿਪਟੀ ਕਮਿਸ਼ਨਰ ਨੇ ਕਿਹਾ ਕਿ ਨਸ਼ਾ ਸਮਾਜ ਲਈ ਇਕ ਵੱਡੀ ਲਾਹਨਤ ਹੈ ਅਤੇ ਇਸ ਨੂੰ ਖ਼ਤਮ ਕਰਨ ਲਈ ਹਰ ਵਰਗ ਦਾ ਸਹਿਯੋਗ ਜ਼ਰੂਰੀ ਹੈ।
ਯੁੱਧ ਨਸ਼ਿਆਂ ਵਿਰੁੱਧ
ਮੋਗਾ, 22 ਅਪ੍ਰੈਲ (ਪੰਜਾਬ ਟਾਈਮਜ਼ ਬਿਊਰੋ)- ਪੰਜਾਬ ਸਰਕਾਰ ਵੱਲੋਂ ਨਸ਼ਿਆਂ ਨੂੰ ਜੜ੍ਹੋਂ ਖ਼ਤਮ ਕਰਨ ਲਈ ਵਿੱਢੀ ਮੁਹਿੰਮ 'ਯੁੱਧ ਨਸ਼ਿਆਂ ਵਿਰੁੱਧ' ਤਹਿਤ ਡਿਪਟੀ ਕਮਿਸ਼ਨਰ ਸਾਗਰ ਸੇਤੀਆ ਦੀ ਅਗਵਾਈ ਹੇਠ ਜ਼ਿਲ੍ਹਾ ਪ੍ਰਸ਼ਾਸਨ ਵੱਲੋਂ ਨਸ਼ਿਆਂ ਖ਼ਿਲਾਫ਼ ਜਾਗਰੂਕਤਾ ਰੈਲੀ ਕੱਢੀ ਗਈ। ਇਸ ਰੈਲੀ ਵਿਚ ਵਿਦਿਆਰਥੀਆਂ, ਅਧਿਕਾਰੀਆਂ ਅਤੇ ਸ਼ਹਿਰ ਵਾਸੀਆਂ ਨੇ ਵੱਡੀ ਗਿਣਤੀ ਵਿਚ ਹਿੱਸਾ ਲਿਆ। ਡਿਪਟੀ ਕਮਿਸ਼ਨਰ ਨੇ ਕਿਹਾ ਕਿ ਨਸ਼ਾ ਸਮਾਜ ਲਈ ਇਕ ਵੱਡੀ ਲਾਹਨਤ ਹੈ ਅਤੇ ਇਸ ਨੂੰ ਖ਼ਤਮ ਕਰਨ ਲਈ ਹਰ ਵਰਗ ਦਾ ਸਹਿਯੋਗ ਜ਼ਰੂਰੀ ਹੈ।
ਐਸ.ਆਈ.ਐਸ. ਦੀਨਾਨਗਰ ਵਿਖੇ ਧਰਤੀ ਦਿਵਸ ਮਨਾਇਆ
ਪੰਜਾਬ ਟਾਈਮਜ਼	ਖ਼ਬਰ
ਦੀਨਾਨਗਰ, 22 ਅਪ੍ਰੈਲ (ਪੰਜਾਬ ਟਾਈਮਜ਼ ਬਿਊਰੋ)- ਸੈਂਸੀਬਲ ਇੰਟਰਨੈਸ਼ਨਲ ਸਕੂਲ ਦੀਨਾਨਗਰ ਵਿਖੇ 22 ਅਪ੍ਰੈਲ 2025 ਨੂੰ ਵਿਸ਼ਵ ਧਰਤੀ ਦਿਵਸ ਬੜੇ ਉਤਸ਼ਾਹ ਨਾਲ ਮਨਾਇਆ ਗਿਆ। ਸਕੂਲ ਕੈਂਪਸ ਵਿਚ ਵਿਦਿਆਰਥੀਆਂ ਨੇ ਕਈ ਤਰ੍ਹਾਂ ਦੀਆਂ ਗਤੀਵਿਧੀਆਂ ਵਿਚ ਹਿੱਸਾ ਲਿਆ ਜਿਵੇਂ ਕਿ ਪੋਸਟਰ ਮੇਕਿੰਗ, ਭਾਸ਼ਣ ਅਤੇ ਕਵਿਤਾ ਉਚਾਰਨ। ਸਕੂਲ ਦੇ ਪ੍ਰਿੰਸੀਪਲ ਨੇ ਕਿਹਾ ਕਿ ਇਸ ਦਿਨ ਦਾ ਮਕਸਦ ਲੋਕਾਂ ਨੂੰ ਧਰਤੀ ਦੀ ਸੁਰੱਖਿਆ ਲਈ ਜਾਗਰੂਕ ਕਰਨਾ ਹੈ।
ਸੇਂਟ ਚਰਚਪੂਰੀ ਇੰਟਰਨੈਸ਼ਨਲ ਸਕੂਲ ਪੱਖੋ ਕਲਾਂ ਵੱਲੋਂ ਵਿਸ਼ਵ ਧਰਤੀ ਦਿਵਸ ਮਨਾਇਆ
ਪੱਖੋ ਕਲਾਂ, 22 ਅਪ੍ਰੈਲ (ਪੰਜਾਬ ਟਾਈਮਜ਼ ਬਿਊਰੋ)- ਇਲਾਕੇ ਦੀ ਨਾਮਵਰ ਵਿਦਿਅਕ ਸੰਸਥਾ ਸੇਂਟ ਚਰਚਪੂਰੀ ਇੰਟਰਨੈਸ਼ਨਲ ਸਕੂਲ ਵਿਖੇ ਵਿਸ਼ਵ ਧਰਤੀ ਦਿਵਸ ਮਨਾਇਆ ਗਿਆ। ਇਸ ਮੌਕੇ ਵਿਦਿਆਰਥੀਆਂ ਨੇ ਧਰਤੀ ਨੂੰ ਹਰਾ-ਭਰਾ ਬਣਾਉਣ ਲਈ ਬੂਟੇ ਲਗਾਏ ਅਤੇ ਵਾਤਾਵਰਣ ਸੰਭਾਲ ਦਾ ਸੰਦੇਸ਼ ਦਿੰਦੇ ਪੋਸਟਰ ਤਿਆਰ ਕੀਤੇ। ਸਕੂਲ ਮੈਨੇਜਮੈਂਟ ਨੇ ਬੱਚਿਆਂ ਨੂੰ ਪਾਣੀ, ਹਵਾ ਅਤੇ ਧਰਤੀ ਨੂੰ ਸਾਫ਼ ਰੱਖਣ ਲਈ ਪ੍ਰੇਰਿਤ ਕੀਤਾ ਅਤੇ ਜੇਤੂ ਵਿਦਿਆਰਥੀਆਂ ਨੂੰ ਇਨਾਮ ਵੰਡੇ।
ਪੱਖੋ ਕਲਾਂ, 22 ਅਪ੍ਰੈਲ (ਪੰਜਾਬ ਟਾਈਮਜ਼ ਬਿਊਰੋ)- ਇਲਾਕੇ ਦੀ ਨਾਮਵਰ ਵਿਦਿਅਕ ਸੰਸਥਾ ਸੇਂਟ ਚਰਚਪੂਰੀ ਇੰਟਰਨੈਸ਼ਨਲ ਸਕੂਲ ਵਿਖੇ ਵਿਸ਼ਵ ਧਰਤੀ ਦਿਵਸ ਮਨਾਇਆ ਗਿਆ। ਇਸ ਮੌਕੇ ਵਿਦਿਆਰਥੀਆਂ ਨੇ ਧਰਤੀ ਨੂੰ ਹਰਾ-ਭਰਾ ਬਣਾਉਣ ਲਈ ਬੂਟੇ ਲਗਾਏ ਅਤੇ ਵਾਤਾਵਰਣ ਸੰਭਾਲ ਦਾ ਸੰਦੇਸ਼ ਦਿੰਦੇ ਪੋਸਟਰ ਤਿਆਰ ਕੀਤੇ। ਸਕੂਲ ਮੈਨੇਜਮੈਂਟ ਨੇ ਬੱਚਿਆਂ ਨੂੰ ਪਾਣੀ, ਹਵਾ ਅਤੇ ਧਰਤੀ ਨੂੰ ਸਾਫ਼ ਰੱਖਣ ਲਈ ਪ੍ਰੇਰਿਤ ਕੀਤਾ ਅਤੇ ਜੇਤੂ ਵਿਦਿਆਰਥੀਆਂ ਨੂੰ ਇਨਾਮ ਵੰਡੇ।
